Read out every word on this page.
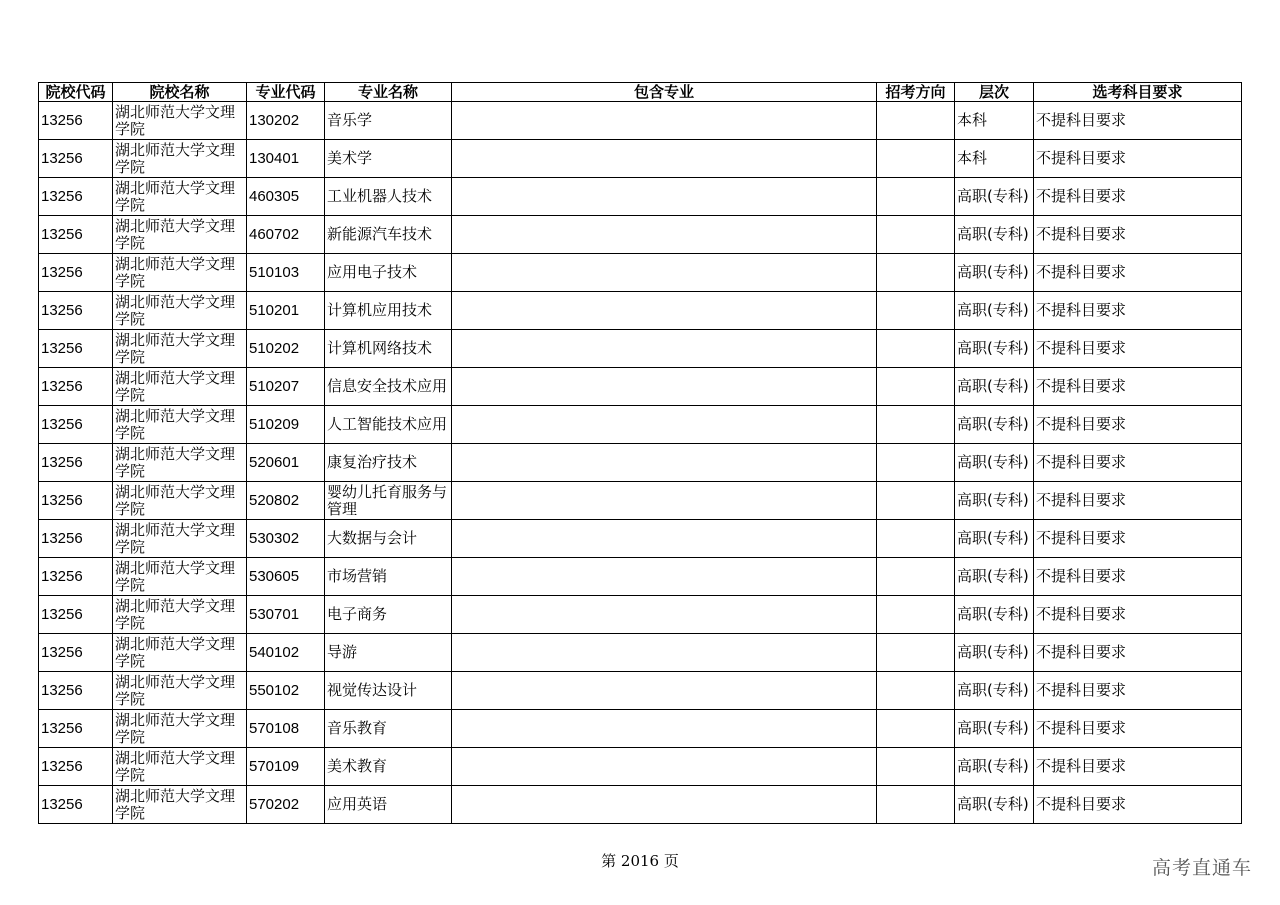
院校代码	院校名称	专业代码	专业名称	包含专业	招考方向	层次	选考科目要求
13256	湖北师范大学文理学院	130202	音乐学			本科	不提科目要求
13256	湖北师范大学文理学院	130401	美术学			本科	不提科目要求
13256	湖北师范大学文理学院	460305	工业机器人技术			高职(专科)	不提科目要求
13256	湖北师范大学文理学院	460702	新能源汽车技术			高职(专科)	不提科目要求
13256	湖北师范大学文理学院	510103	应用电子技术			高职(专科)	不提科目要求
13256	湖北师范大学文理学院	510201	计算机应用技术			高职(专科)	不提科目要求
13256	湖北师范大学文理学院	510202	计算机网络技术			高职(专科)	不提科目要求
13256	湖北师范大学文理学院	510207	信息安全技术应用			高职(专科)	不提科目要求
13256	湖北师范大学文理学院	510209	人工智能技术应用			高职(专科)	不提科目要求
13256	湖北师范大学文理学院	520601	康复治疗技术			高职(专科)	不提科目要求
13256	湖北师范大学文理学院	520802	婴幼儿托育服务与管理			高职(专科)	不提科目要求
13256	湖北师范大学文理学院	530302	大数据与会计			高职(专科)	不提科目要求
13256	湖北师范大学文理学院	530605	市场营销			高职(专科)	不提科目要求
13256	湖北师范大学文理学院	530701	电子商务			高职(专科)	不提科目要求
13256	湖北师范大学文理学院	540102	导游			高职(专科)	不提科目要求
13256	湖北师范大学文理学院	550102	视觉传达设计			高职(专科)	不提科目要求
13256	湖北师范大学文理学院	570108	音乐教育			高职(专科)	不提科目要求
13256	湖北师范大学文理学院	570109	美术教育			高职(专科)	不提科目要求
13256	湖北师范大学文理学院	570202	应用英语			高职(专科)	不提科目要求
第 2016 页	高考直通车
